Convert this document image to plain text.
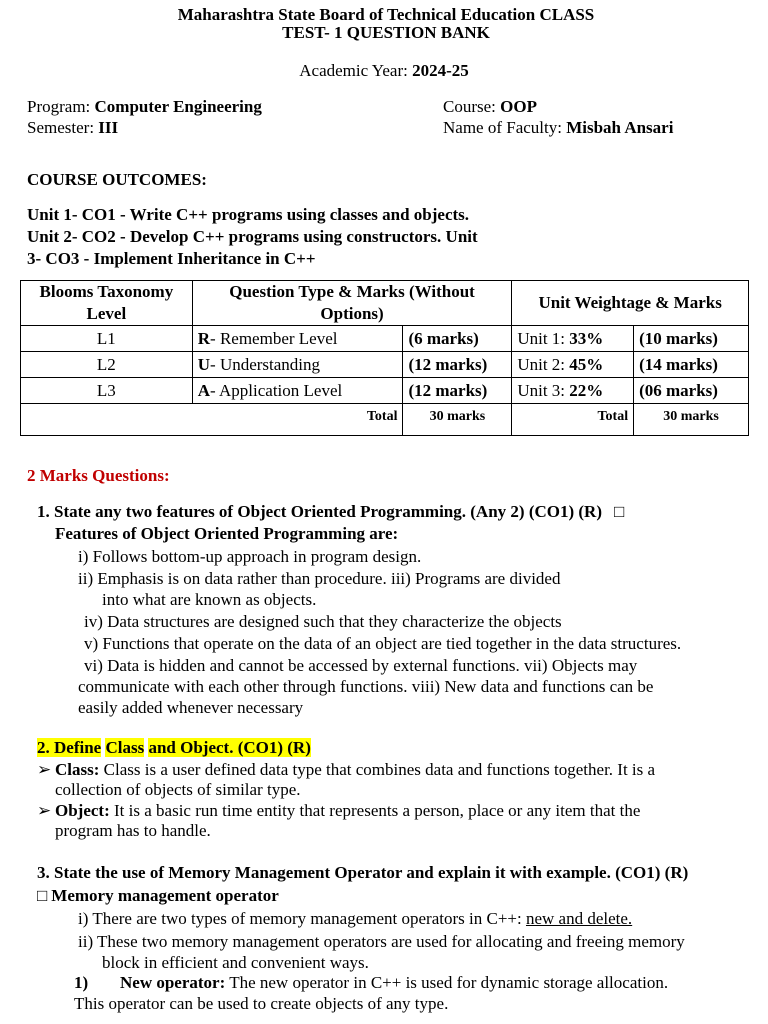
Maharashtra State Board of Technical Education CLASS
TEST- 1 QUESTION BANK
Academic Year: 2024-25
Program: Computer Engineering
Semester: III
Course: OOP
Name of Faculty: Misbah Ansari
COURSE OUTCOMES:
Unit 1- CO1 - Write C++ programs using classes and objects.
Unit 2- CO2 - Develop C++ programs using constructors. Unit
3- CO3 - Implement Inheritance in C++
Blooms Taxonomy
Level	Question Type & Marks (Without
Options)		Unit Weightage & Marks	
L1	R- Remember Level	(6 marks)	Unit 1: 33%	(10 marks)
L2	U- Understanding	(12 marks)	Unit 2: 45%	(14 marks)
L3	A- Application Level	(12 marks)	Unit 3: 22%	(06 marks)
Total		30 marks	Total	30 marks
2 Marks Questions:
1. State any two features of Object Oriented Programming. (Any 2) (CO1) (R) □
Features of Object Oriented Programming are:
i) Follows bottom-up approach in program design.
ii) Emphasis is on data rather than procedure. iii) Programs are divided
into what are known as objects.
iv) Data structures are designed such that they characterize the objects
v) Functions that operate on the data of an object are tied together in the data structures.
vi) Data is hidden and cannot be accessed by external functions. vii) Objects may
communicate with each other through functions. viii) New data and functions can be
easily added whenever necessary
2. Define Class and Object. (CO1) (R)
➢ Class: Class is a user defined data type that combines data and functions together. It is a
collection of objects of similar type.
➢ Object: It is a basic run time entity that represents a person, place or any item that the
program has to handle.
3. State the use of Memory Management Operator and explain it with example. (CO1) (R)
□ Memory management operator
i) There are two types of memory management operators in C++: new and delete.
ii) These two memory management operators are used for allocating and freeing memory
block in efficient and convenient ways.
1) New operator: The new operator in C++ is used for dynamic storage allocation.
This operator can be used to create objects of any type.
